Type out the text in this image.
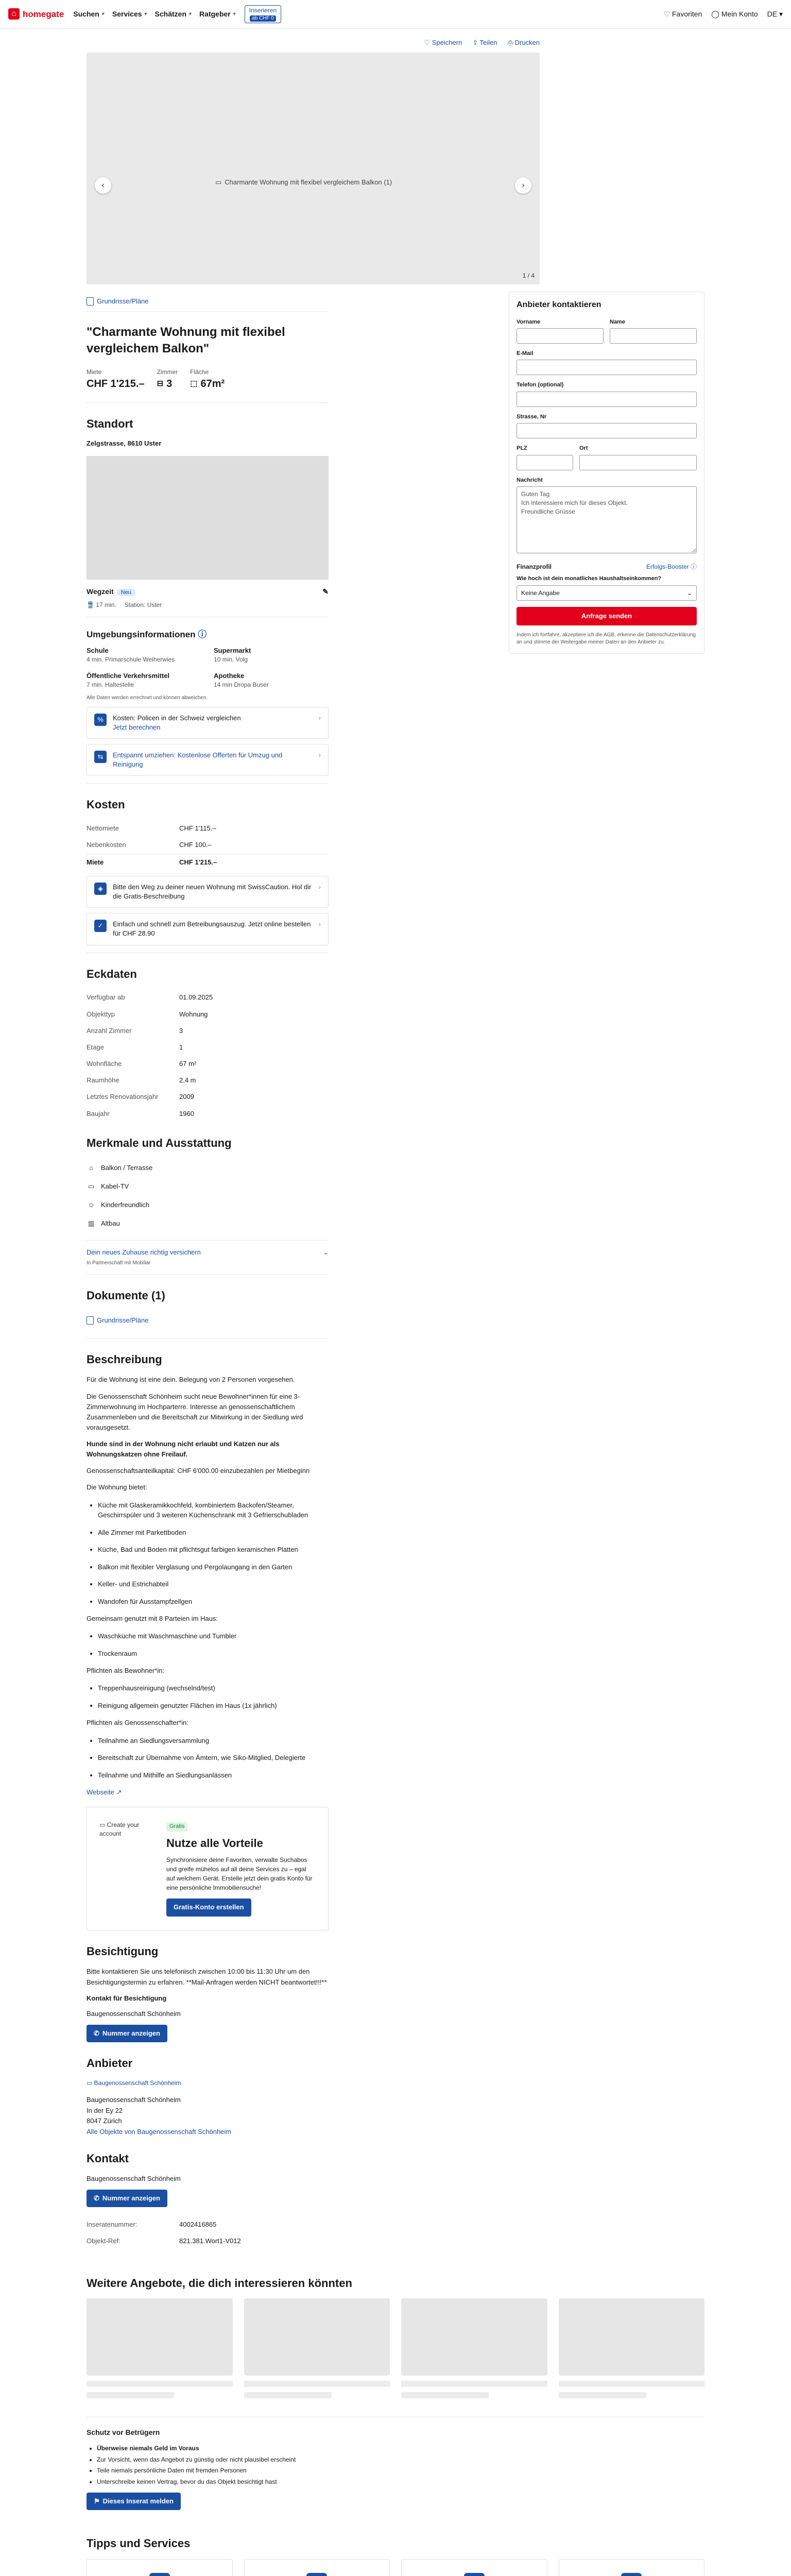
⌂ homegate Suchen ▾ Services ▾ Schätzen ▾ Ratgeber ▾
Inserieren
ab CHF 0
♡ Favoriten ◯ Mein Konto DE ▾
♡ Speichern ⇪ Teilen ⎙ Drucken
▭ Charmante Wohnung mit flexibel vergleichem Balkon (1)
‹	›
1 / 4
Grundrisse/Pläne
"Charmante Wohnung mit flexibel vergleichem Balkon"
Miete
CHF 1'215.–
Zimmer
⊟ 3
Fläche
⬚ 67m²
Standort
Zelgstrasse, 8610 Uster
Wegzeit Neu	✎
🚆 17 min. Station: Uster
Umgebungsinformationen ⓘ
Schule
4 min. Primarschule Weiherwies
Supermarkt
10 min. Volg
Öffentliche Verkehrsmittel
7 min. Haltestelle
Apotheke
14 min Dropa Buser
Alle Daten werden errechnet und können abweichen.
%	Kosten: Policen in der Schweiz vergleichen
Jetzt berechnen
›
⇆	Entspannt umziehen: Kostenlose Offerten für Umzug und Reinigung
›
Kosten
Nettomiete	CHF 1'115.–
Nebenkosten	CHF 100.–
Miete	CHF 1'215.–
◈	Bitte den Weg zu deiner neuen Wohnung mit SwissCaution. Hol dir die Gratis-Beschreibung
›
✓	Einfach und schnell zum Betreibungsauszug. Jetzt online bestellen für CHF 28.90
›
Eckdaten
Verfügbar ab	01.09.2025
Objekttyp	Wohnung
Anzahl Zimmer	3
Etage	1
Wohnfläche	67 m²
Raumhöhe	2.4 m
Letztes Renovationsjahr	2009
Baujahr	1960
Merkmale und Ausstattung
⌂	Balkon / Terrasse
▭ Kabel-TV
☺ Kinderfreundlich
▥ Altbau
Dein neues Zuhause richtig versichern	⌄
In Partnerschaft mit Mobiliar
Dokumente (1)
Grundrisse/Pläne
Beschreibung

Für die Wohnung ist eine dein. Belegung von 2 Personen vorgesehen.

Die Genossenschaft Schönheim sucht neue Bewohner*innen für eine 3-Zimmerwohnung im Hochparterre. Interesse an genossenschaftlichem Zusammenleben und die Bereitschaft zur Mitwirkung in der Siedlung wird vorausgesetzt.

Hunde sind in der Wohnung nicht erlaubt und Katzen nur als Wohnungskatzen ohne Freilauf.

Genossenschaftsanteilkapital: CHF 6'000.00 einzubezahlen per Mietbeginn

Die Wohnung bietet:

• Küche mit Glaskeramikkochfeld, kombiniertem Backofen/Steamer, Geschirrspüler und 3 weiteren Küchenschrank mit 3 Gefrierschubladen
• Alle Zimmer mit Parkettboden
• Küche, Bad und Boden mit pflichtsgut farbigen keramischen Platten
• Balkon mit flexibler Verglasung und Pergolaungang in den Garten
• Keller- und Estrichabteil
• Wandofen für Ausstampfzellgen

Gemeinsam genutzt mit 8 Parteien im Haus:

• Waschküche mit Waschmaschine und Tumbler
• Trockenraum

Pflichten als Bewohner*in:

• Treppenhausreinigung (wechselnd/test)
• Reinigung allgemein genutzter Flächen im Haus (1x jährlich)

Pflichten als Genossenschafter*in:

• Teilnahme an Siedlungsversammlung
• Bereitschaft zur Übernahme von Ämtern, wie Siko-Mitglied, Delegierte
• Teilnahme und Mithilfe an Siedlungsanlässen

Webseite ↗

▭ Create your account
Gratis
Nutze alle Vorteile

Synchronisiere deine Favoriten, verwalte Suchabos und greife mühelos auf all deine Services zu – egal auf welchem Gerät. Erstelle jetzt dein gratis Konto für eine persönliche Immobiliensuche!

Gratis-Konto erstellen
Besichtigung

Bitte kontaktieren Sie uns telefonisch zwischen 10:00 bis 11:30 Uhr um den Besichtigungstermin zu erfahren. **Mail-Anfragen werden NICHT beantwortet!!!**

Kontakt für Besichtigung
Baugenossenschaft Schönheim
✆ Nummer anzeigen
Anbieter
▭ Baugenossenschaft Schönheim
Baugenossenschaft Schönheim
In der Ey 22
8047 Zürich
Alle Objekte von Baugenossenschaft Schönheim
Kontakt
Baugenossenschaft Schönheim
✆ Nummer anzeigen
Inseratenummer:	4002416865
Objekt-Ref:	821.381.Wort1-V012
Anbieter kontaktieren
Vorname	Name
E-Mail
Telefon (optional)
Strasse, Nr
PLZ	Ort
Nachricht
Guten Tag Ich interessiere mich für dieses Objekt. Freundliche Grüsse
Finanzprofil	Erfolgs-Booster ⓘ
Wie hoch ist dein monatliches Haushaltseinkommen?
Keine Angabe	⌄
Anfrage senden
Indem ich fortfahre, akzeptiere ich die AGB, erkenne die Datenschutzerklärung an und stimme der Weitergabe meiner Daten an den Anbieter zu.
Weitere Angebote, die dich interessieren könnten
Schutz vor Betrügern
• Überweise niemals Geld im Voraus
• Zur Vorsicht, wenn das Angebot zu günstig oder nicht plausibel erscheint
• Teile niemals persönliche Daten mit fremden Personen
• Unterschreibe keinen Vertrag, bevor du das Objekt besichtigt hast
⚑ Dieses Inserat melden
Tipps und Services
